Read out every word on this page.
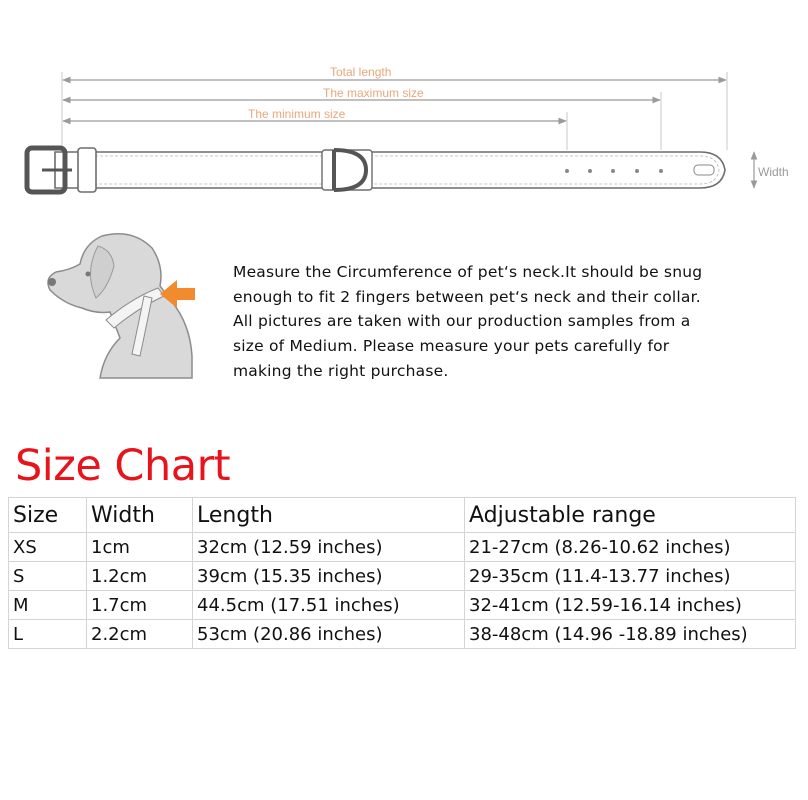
Total length
The maximum size
The minimum size
Width

Measure the Circumference of pet‘s neck.It should be snug
enough to fit 2 fingers between pet‘s neck and their collar.
All pictures are taken with our production samples from a
size of Medium. Please measure your pets carefully for
making the right purchase.

Size Chart
Size	Width	Length	Adjustable range
XS	1cm	32cm (12.59 inches)	21-27cm (8.26-10.62 inches)
S	1.2cm	39cm (15.35 inches)	29-35cm (11.4-13.77 inches)
M	1.7cm	44.5cm (17.51 inches)	32-41cm (12.59-16.14 inches)
L	2.2cm	53cm (20.86 inches)	38-48cm (14.96 -18.89 inches)
